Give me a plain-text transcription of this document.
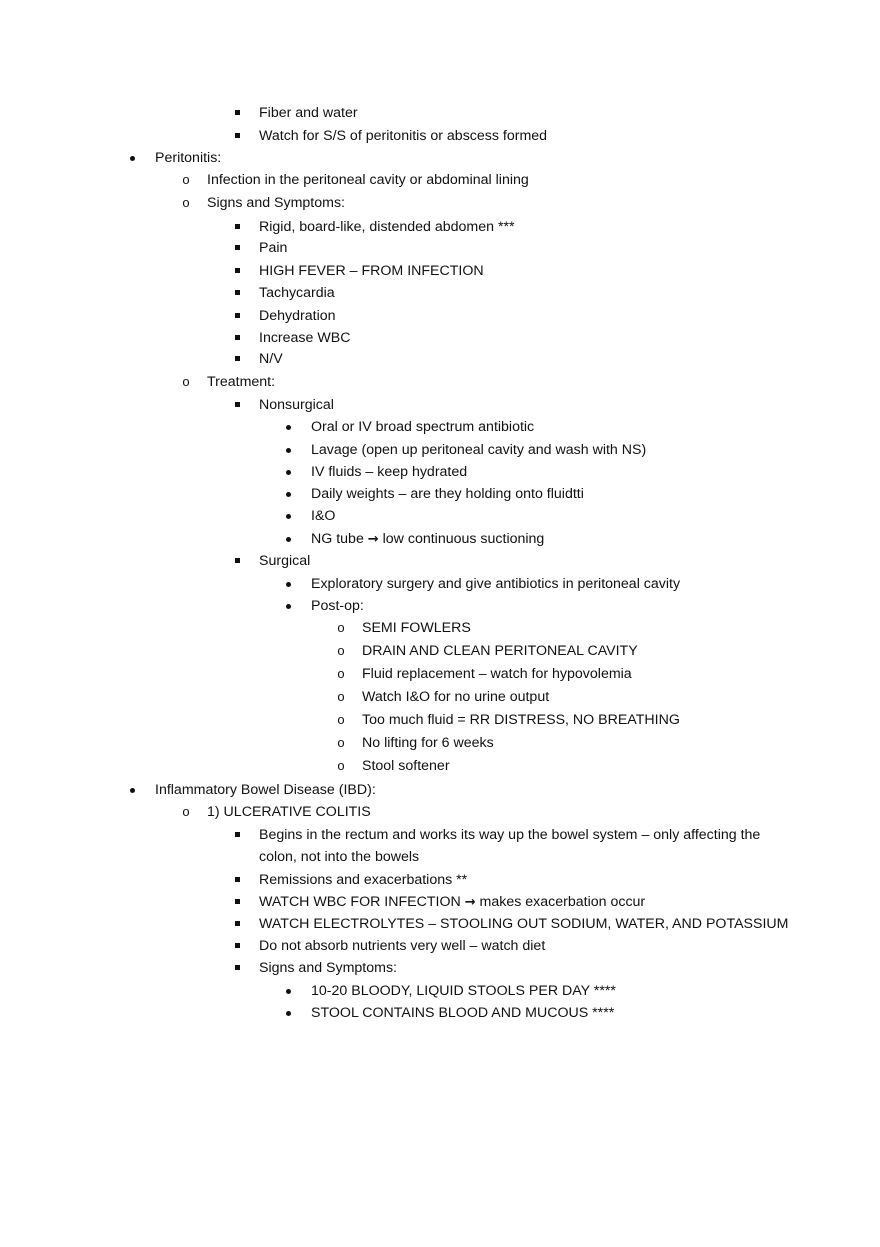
Fiber and water
Watch for S/S of peritonitis or abscess formed
Peritonitis:
o	Infection in the peritoneal cavity or abdominal lining
o	Signs and Symptoms:
Rigid, board-like, distended abdomen ***
Pain
HIGH FEVER – FROM INFECTION
Tachycardia
Dehydration
Increase WBC
N/V
o	Treatment:
Nonsurgical
Oral or IV broad spectrum antibiotic
Lavage (open up peritoneal cavity and wash with NS)
IV fluids – keep hydrated
Daily weights – are they holding onto fluidtti
I&O
NG tube → low continuous suctioning
Surgical
Exploratory surgery and give antibiotics in peritoneal cavity
Post-op:
o	SEMI FOWLERS
o	DRAIN AND CLEAN PERITONEAL CAVITY
o	Fluid replacement – watch for hypovolemia
o	Watch I&O for no urine output
o	Too much fluid = RR DISTRESS, NO BREATHING
o	No lifting for 6 weeks
o	Stool softener
Inflammatory Bowel Disease (IBD):
o	1) ULCERATIVE COLITIS
Begins in the rectum and works its way up the bowel system – only affecting the
colon, not into the bowels
Remissions and exacerbations **
WATCH WBC FOR INFECTION → makes exacerbation occur
WATCH ELECTROLYTES – STOOLING OUT SODIUM, WATER, AND POTASSIUM
Do not absorb nutrients very well – watch diet
Signs and Symptoms:
10-20 BLOODY, LIQUID STOOLS PER DAY ****
STOOL CONTAINS BLOOD AND MUCOUS ****
